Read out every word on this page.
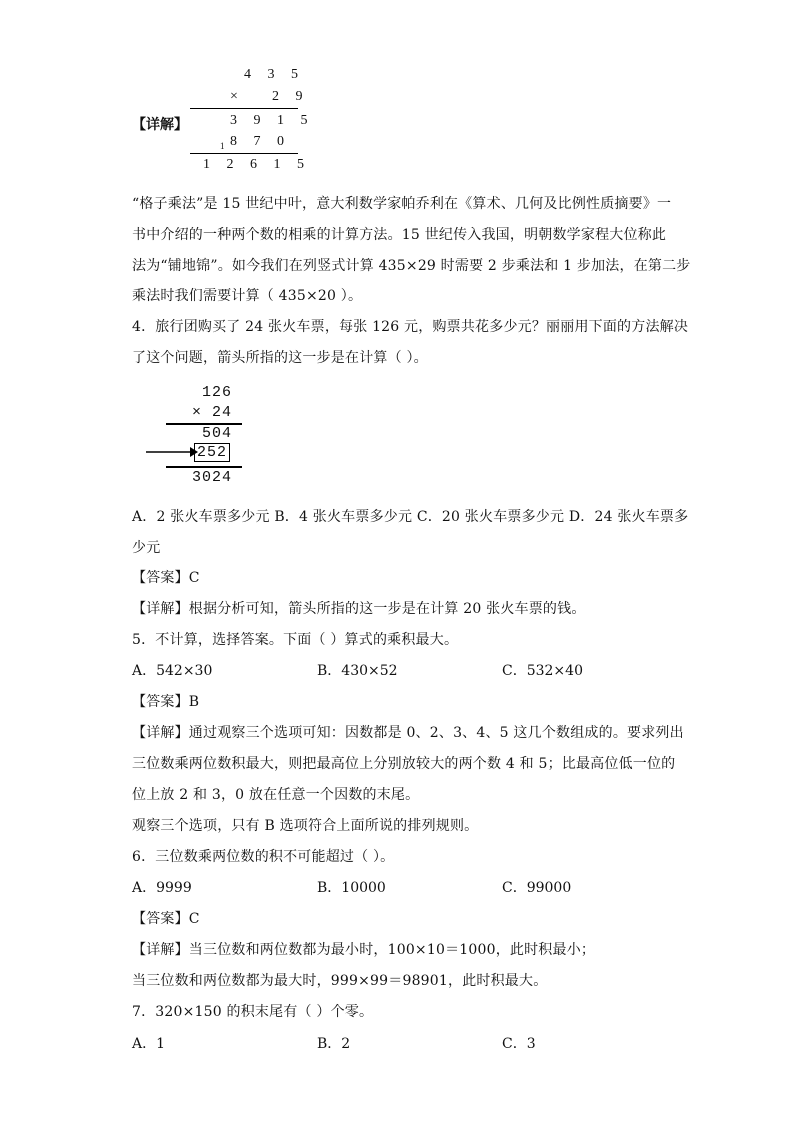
【详解】
4 3 5
× 2 9
3 9 1 5
1 8 7 0
1 2 6 1 5
“格子乘法”是 15 世纪中叶，意大利数学家帕乔利在《算术、几何及比例性质摘要》一
书中介绍的一种两个数的相乘的计算方法。15 世纪传入我国，明朝数学家程大位称此
法为“铺地锦”。如今我们在列竖式计算 435×29 时需要 2 步乘法和 1 步加法，在第二步
乘法时我们需要计算（ 435×20 ）。
4．旅行团购买了 24 张火车票，每张 126 元，购票共花多少元？丽丽用下面的方法解决
了这个问题，箭头所指的这一步是在计算（ ）。
126
× 24
504
252
3024
A．2 张火车票多少元 B．4 张火车票多少元 C．20 张火车票多少元 D．24 张火车票多
少元
【答案】C
【详解】根据分析可知，箭头所指的这一步是在计算 20 张火车票的钱。
5．不计算，选择答案。下面（ ）算式的乘积最大。
A．542×30	B．430×52	C．532×40
【答案】B
【详解】通过观察三个选项可知：因数都是 0、2、3、4、5 这几个数组成的。要求列出
三位数乘两位数积最大，则把最高位上分别放较大的两个数 4 和 5；比最高位低一位的
位上放 2 和 3，0 放在任意一个因数的末尾。
观察三个选项，只有 B 选项符合上面所说的排列规则。
6．三位数乘两位数的积不可能超过（ ）。
A．9999	B．10000	C．99000
【答案】C
【详解】当三位数和两位数都为最小时，100×10＝1000，此时积最小；
当三位数和两位数都为最大时，999×99＝98901，此时积最大。
7．320×150 的积末尾有（ ）个零。
A．1	B．2	C．3
